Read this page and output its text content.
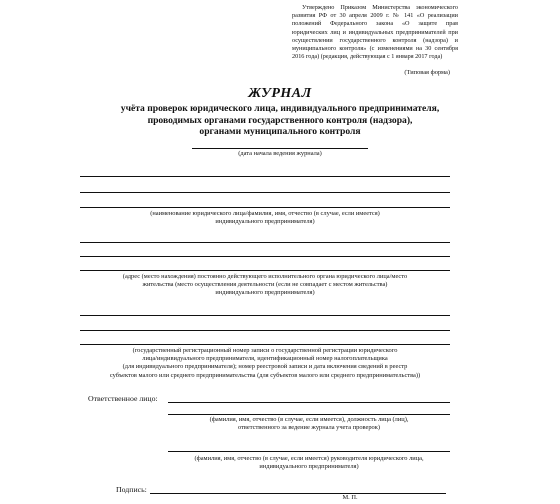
Утверждено Приказом Министерства экономического развития РФ от 30 апреля 2009 г. № 141 «О реализации положений Федерального закона «О защите прав юридических лиц и индивидуальных предпринимателей при осуществлении государственного контроля (надзора) и муниципального контроля» (с изменениями на 30 сентября 2016 года) (редакция, действующая с 1 января 2017 года)
(Типовая форма)
ЖУРНАЛ
учёта проверок юридического лица, индивидуального предпринимателя,
проводимых органами государственного контроля (надзора),
органами муниципального контроля
(дата начала ведения журнала)
(наименование юридического лица/фамилия, имя, отчество (в случае, если имеется)
индивидуального предпринимателя)
(адрес (место нахождения) постоянно действующего исполнительного органа юридического лица/место
жительства (место осуществления деятельности (если не совпадает с местом жительства)
индивидуального предпринимателя)
(государственный регистрационный номер записи о государственной регистрации юридического
лица/индивидуального предпринимателя, идентификационный номер налогоплательщика
(для индивидуального предпринимателя); номер реестровой записи и дата включения сведений в реестр
субъектов малого или среднего предпринимательства (для субъектов малого или среднего предпринимательства))
Ответственное лицо:
(фамилия, имя, отчество (в случае, если имеется), должность лица (лиц),
ответственного за ведение журнала учета проверок)
(фамилия, имя, отчество (в случае, если имеется) руководителя юридического лица,
индивидуального предпринимателя)
Подпись:
М. П.
